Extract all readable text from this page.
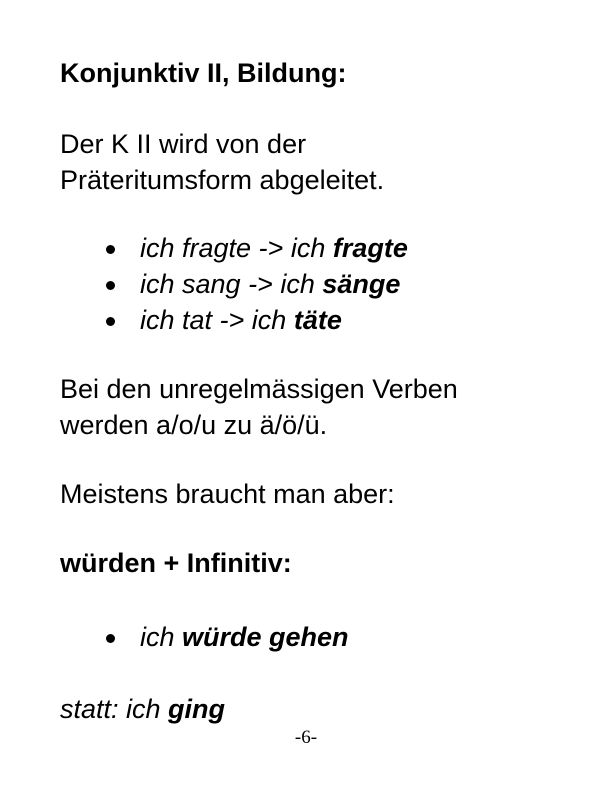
Konjunktiv II, Bildung:
Der K II wird von der
Präteritumsform abgeleitet.
ich fragte -> ich fragte
ich sang -> ich sänge
ich tat -> ich täte
Bei den unregelmässigen Verben
werden a/o/u zu ä/ö/ü.
Meistens braucht man aber:
würden + Infinitiv:
ich würde gehen
statt: ich ging
-6-
